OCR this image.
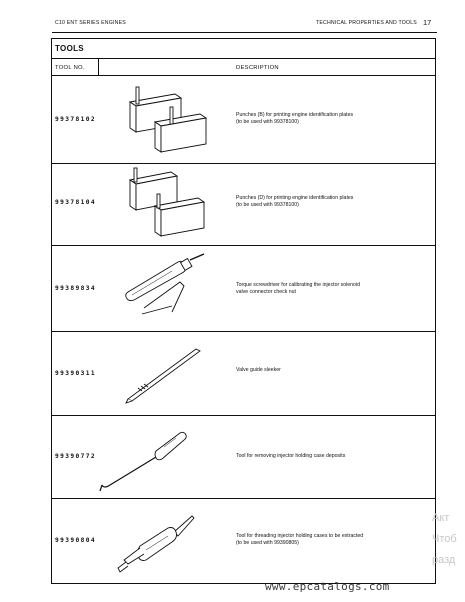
C10 ENT SERIES ENGINES	TECHNICAL PROPERTIES AND TOOLS 17
TOOLS
TOOL NO.	DESCRIPTION
99378102
Punches (B) for printing engine identification plates
(to be used with 99378100)
99378104
Punches (D) for printing engine identification plates
(to be used with 99378100)
99389834	Torque screwdriver for calibrating the injector solenoid
valve connector check nut
99390311	Valve guide sleeker
99390772	Tool for removing injector holding case deposits
99390804
Tool for threading injector holding cases to be extracted
(to be used with 99390805)
www.epcatalogs.com
Акт
Чтоб
разд
